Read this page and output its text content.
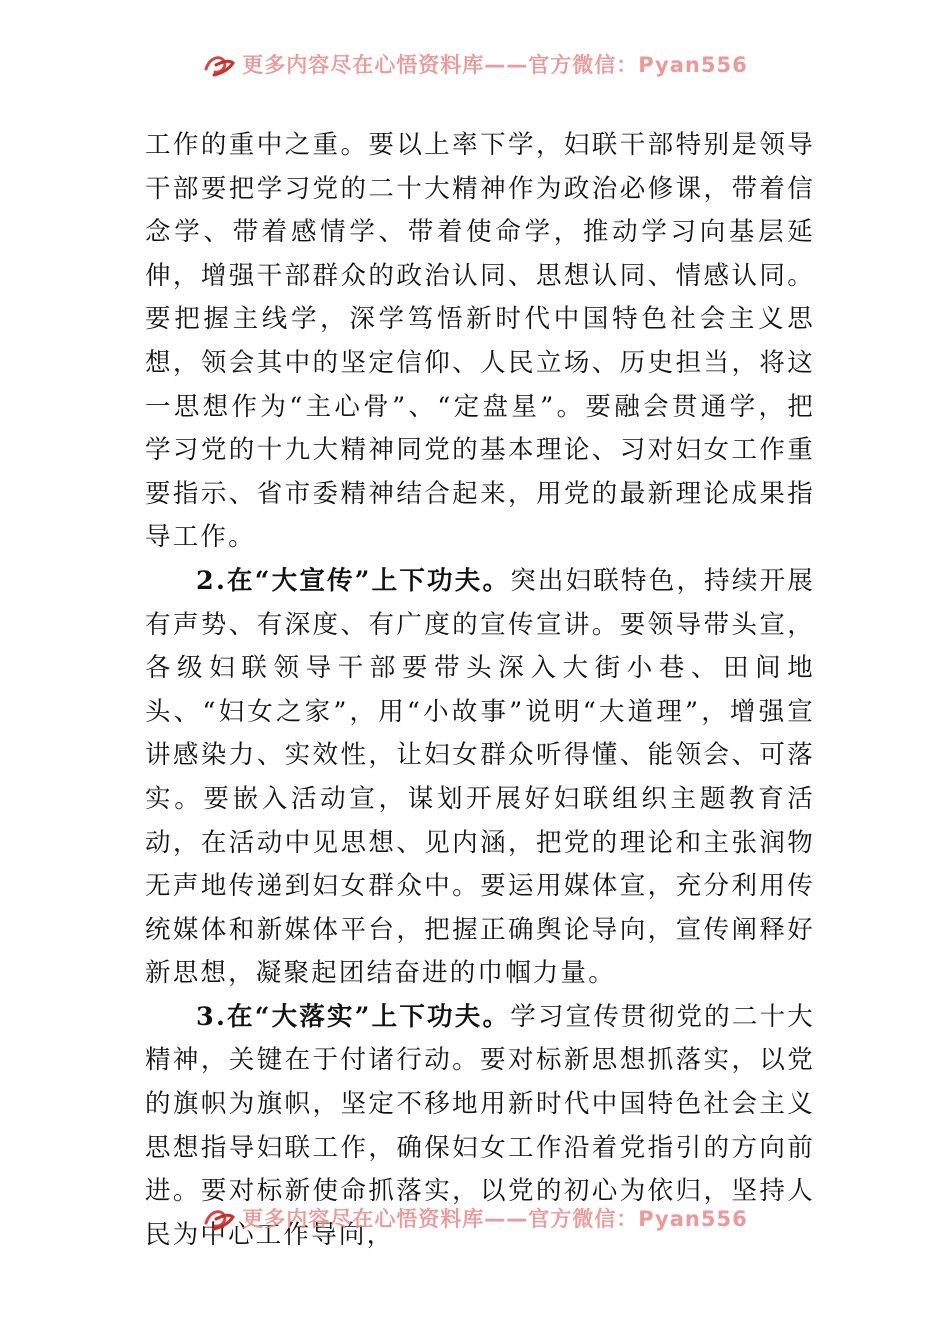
更多内容尽在心悟资料库——官方微信：Pyan556

工作的重中之重。要以上率下学，妇联干部特别是领导干部要把学习党的二十大精神作为政治必修课，带着信念学、带着感情学、带着使命学，推动学习向基层延伸，增强干部群众的政治认同、思想认同、情感认同。要把握主线学，深学笃悟新时代中国特色社会主义思想，领会其中的坚定信仰、人民立场、历史担当，将这一思想作为“主心骨”、“定盘星”。要融会贯通学，把学习党的十九大精神同党的基本理论、习对妇女工作重要指示、省市委精神结合起来，用党的最新理论成果指导工作。

2.在“大宣传”上下功夫。突出妇联特色，持续开展有声势、有深度、有广度的宣传宣讲。要领导带头宣，各级妇联领导干部要带头深入大街小巷、田间地头、“妇女之家”，用“小故事”说明“大道理”，增强宣讲感染力、实效性，让妇女群众听得懂、能领会、可落实。要嵌入活动宣，谋划开展好妇联组织主题教育活动，在活动中见思想、见内涵，把党的理论和主张润物无声地传递到妇女群众中。要运用媒体宣，充分利用传统媒体和新媒体平台，把握正确舆论导向，宣传阐释好新思想，凝聚起团结奋进的巾帼力量。

3.在“大落实”上下功夫。学习宣传贯彻党的二十大精神，关键在于付诸行动。要对标新思想抓落实，以党的旗帜为旗帜，坚定不移地用新时代中国特色社会主义思想指导妇联工作，确保妇女工作沿着党指引的方向前进。要对标新使命抓落实，以党的初心为依归，坚持人民为中心工作导向，

更多内容尽在心悟资料库——官方微信：Pyan556
